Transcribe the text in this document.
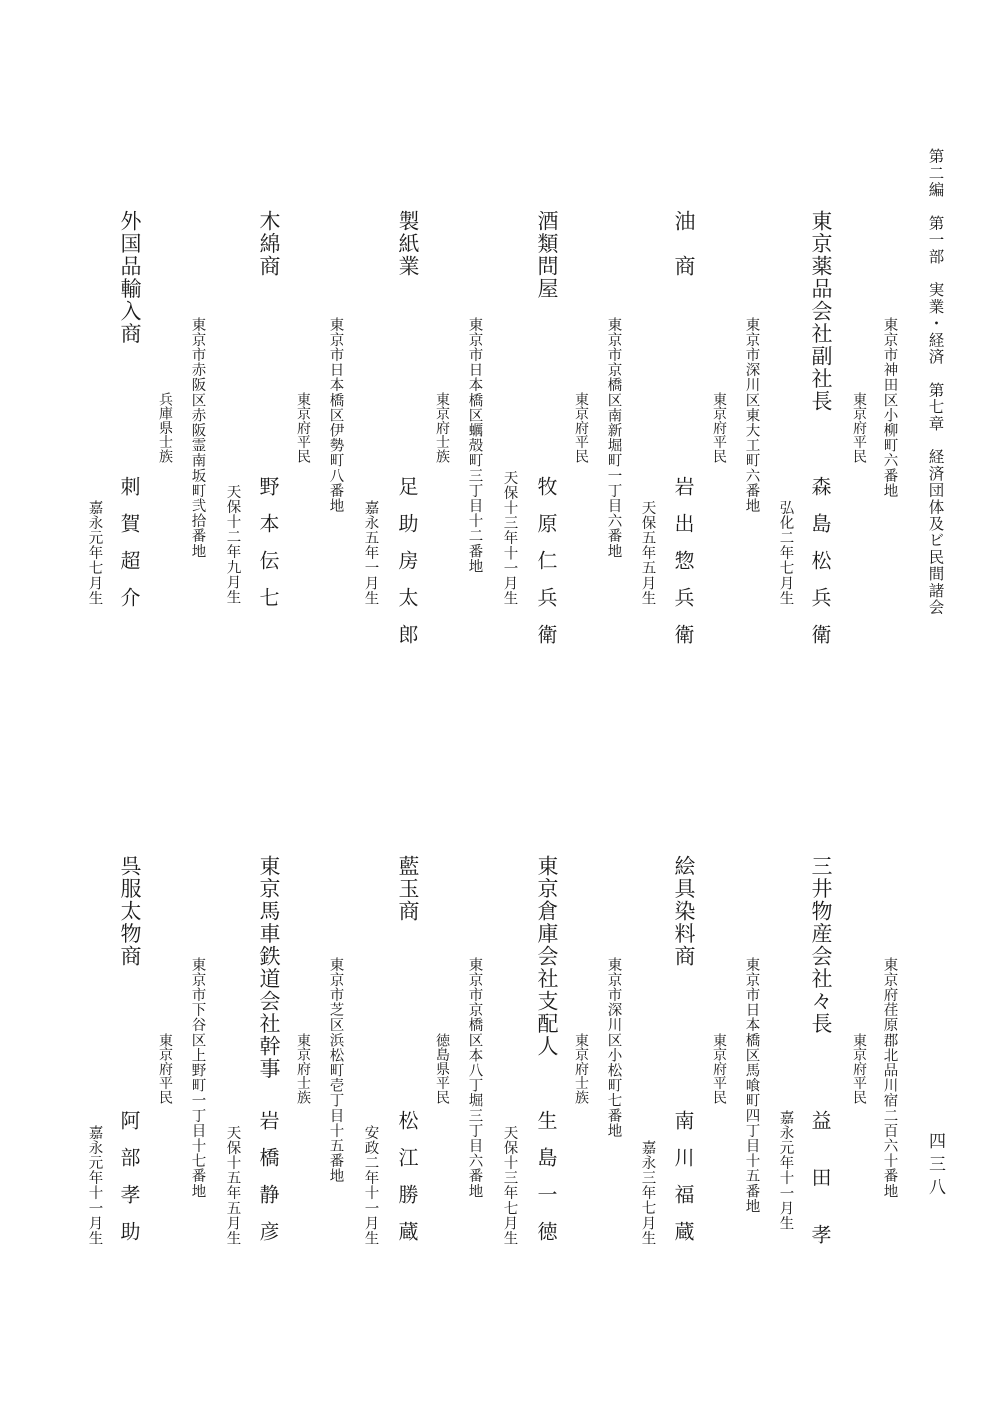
第二編　第一部　実業・経済　第七章　経済団体及ビ民間諸会
四三八
東京市神田区小柳町六番地
東京府平民
東京薬品会社副社長
東京市深川区東大工町六番地
東京府平民
森島松兵衛
弘化二年七月生
油　商
東京市京橋区南新堀町一丁目六番地
東京府平民
岩出惣兵衛
天保五年五月生
酒類問屋
東京市日本橋区蠣殻町三丁目十二番地
東京府士族
牧原仁兵衛
天保十三年十一月生
製紙業
東京市日本橋区伊勢町八番地
東京府平民
足助房太郎
嘉永五年一月生
木綿商
東京市赤阪区赤阪霊南坂町弐拾番地
兵庫県士族
野本伝七
天保十二年九月生
外国品輸入商
刺賀超介
嘉永元年七月生
東京府荏原郡北品川宿二百六十番地
東京府平民
三井物産会社々長
東京市日本橋区馬喰町四丁目十五番地
東京府平民
益田孝
嘉永元年十一月生
絵具染料商
東京市深川区小松町七番地
東京府士族
南川福蔵
嘉永三年七月生
東京倉庫会社支配人
東京市京橋区本八丁堀三丁目六番地
徳島県平民
生島一徳
天保十三年七月生
藍玉商
東京市芝区浜松町壱丁目十五番地
東京府士族
松江勝蔵
安政二年十一月生
東京馬車鉄道会社幹事
東京市下谷区上野町一丁目十七番地
東京府平民
岩橋静彦
天保十五年五月生
呉服太物商
阿部孝助
嘉永元年十一月生
